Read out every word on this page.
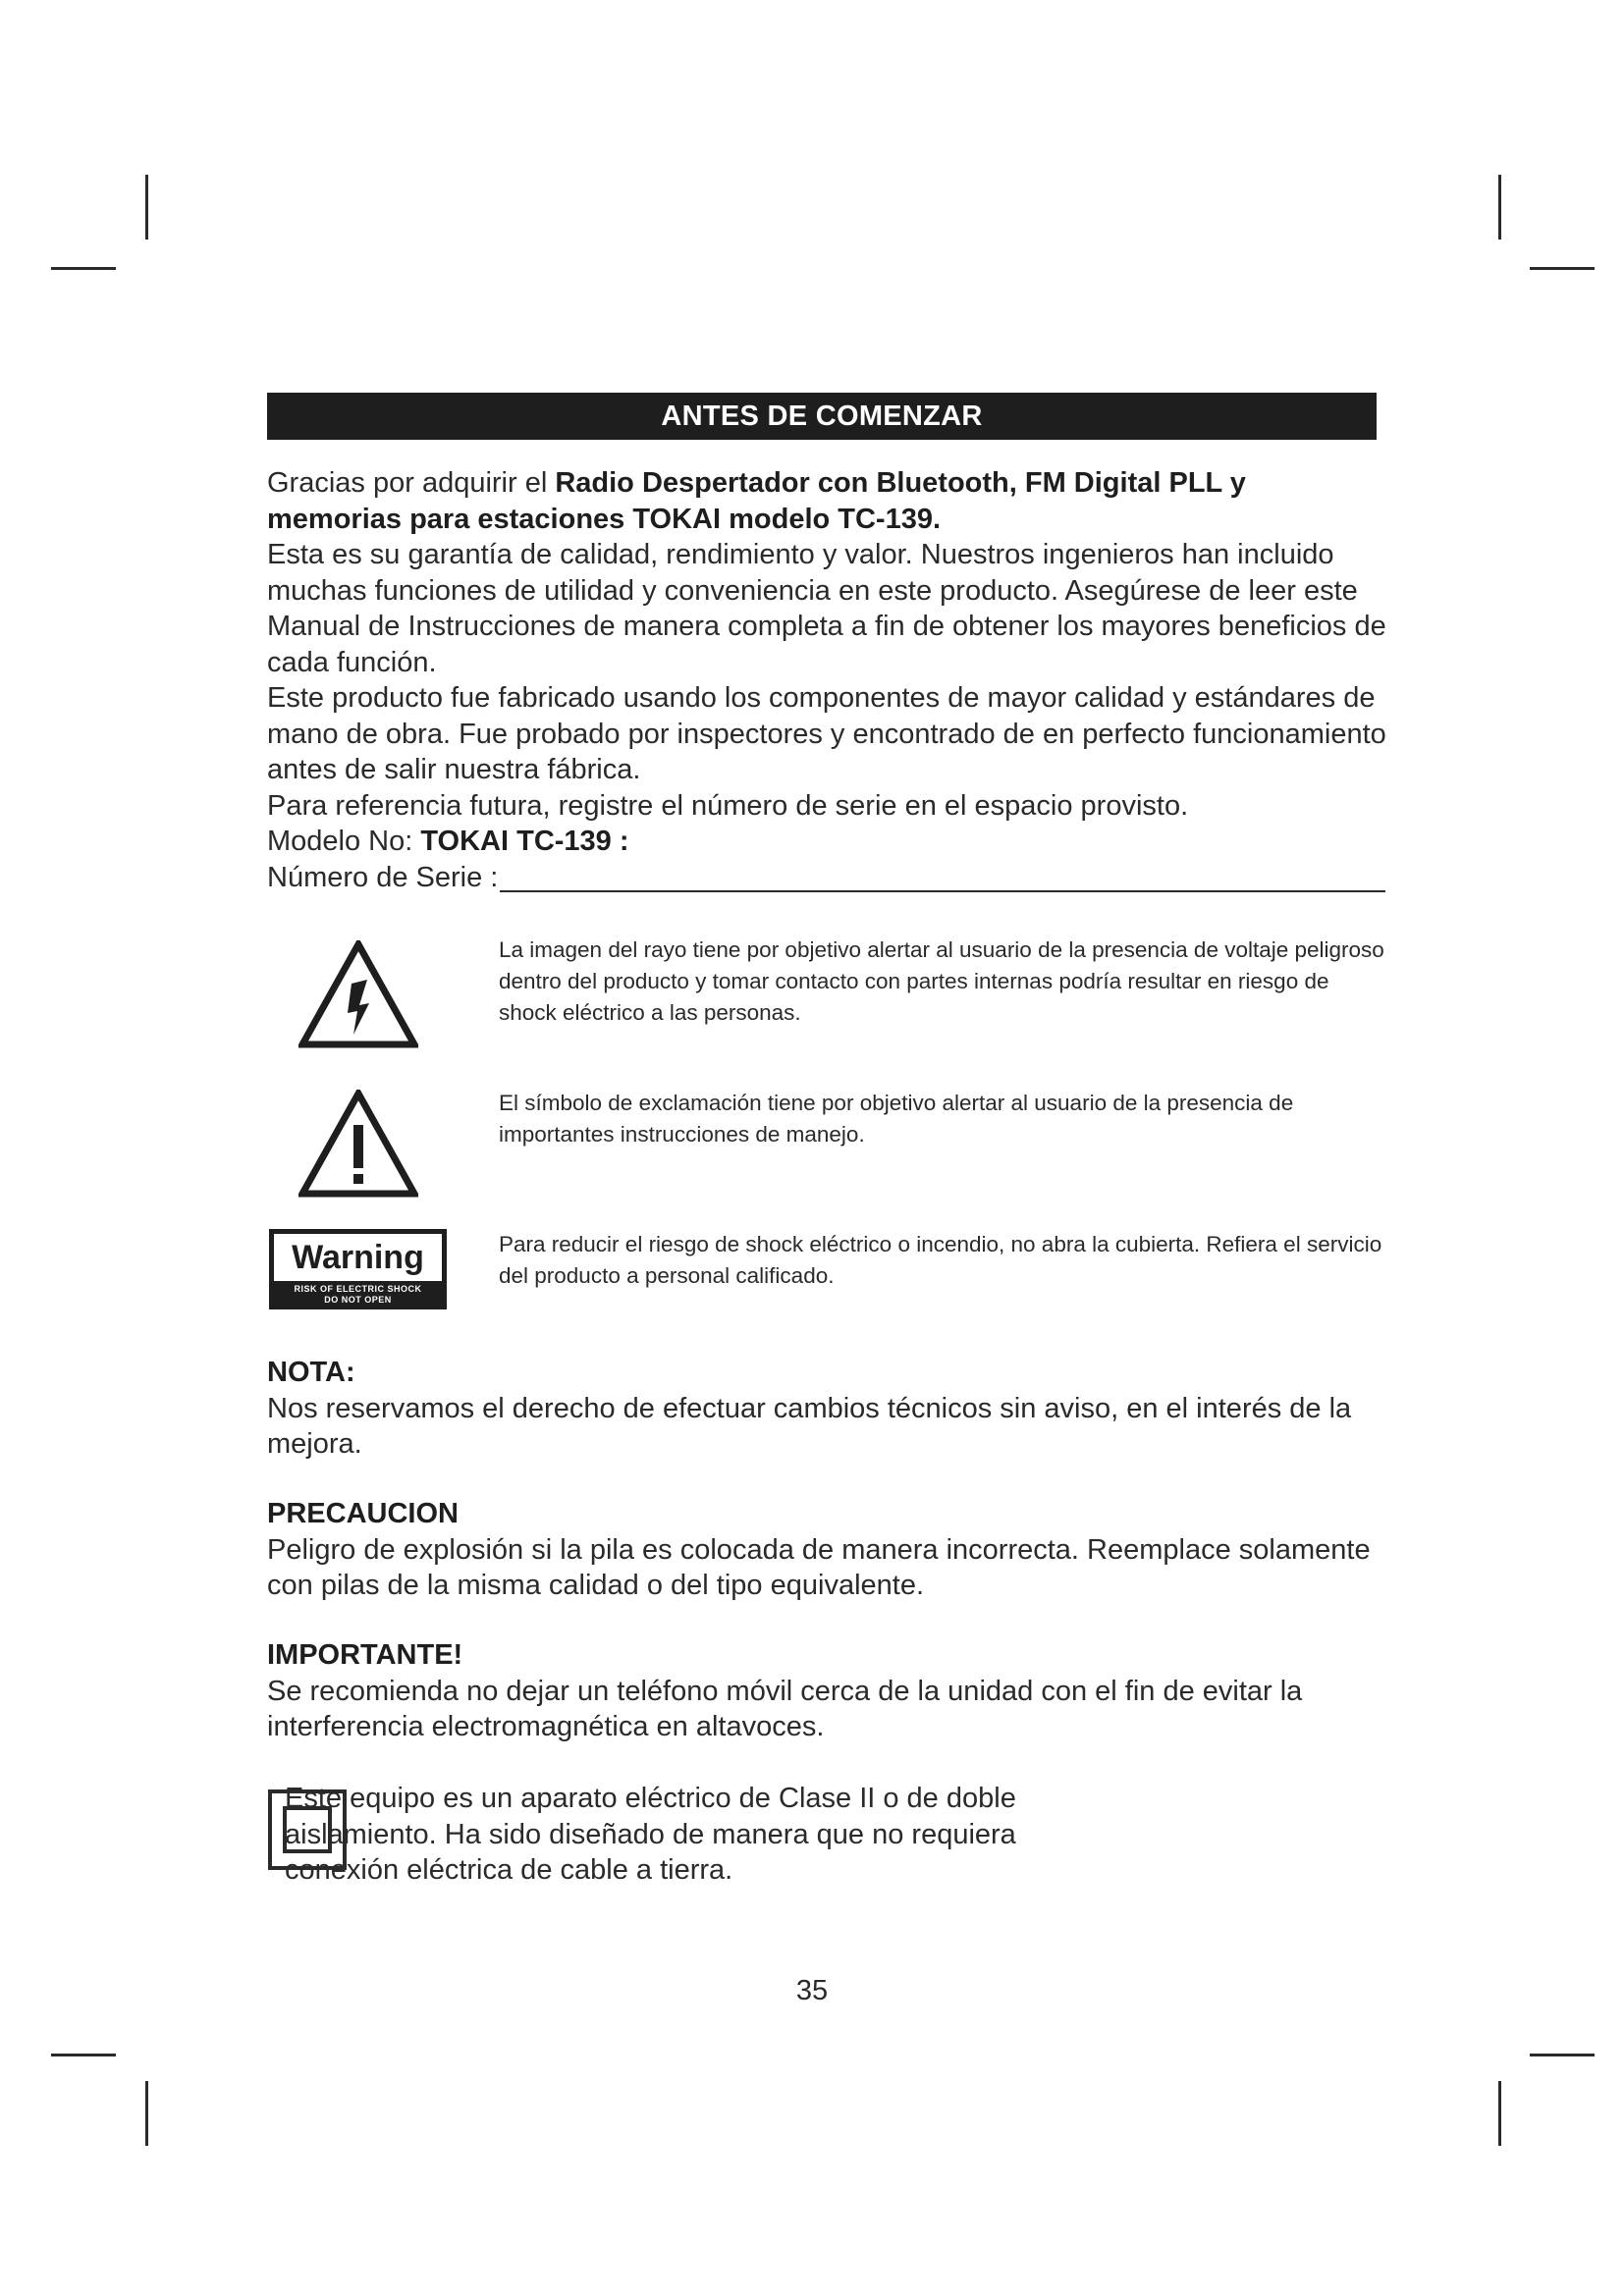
ANTES DE COMENZAR

Gracias por adquirir el Radio Despertador con Bluetooth, FM Digital PLL y memorias para estaciones TOKAI modelo TC-139.

Esta es su garantía de calidad, rendimiento y valor. Nuestros ingenieros han incluido muchas funciones de utilidad y conveniencia en este producto. Asegúrese de leer este Manual de Instrucciones de manera completa a fin de obtener los mayores beneficios de cada función.

Este producto fue fabricado usando los componentes de mayor calidad y estándares de mano de obra. Fue probado por inspectores y encontrado de en perfecto funcionamiento antes de salir nuestra fábrica.

Para referencia futura, registre el número de serie en el espacio provisto.

Modelo No: TOKAI TC-139 :

Número de Serie :

La imagen del rayo tiene por objetivo alertar al usuario de la presencia de voltaje peligroso dentro del producto y tomar contacto con partes internas podría resultar en riesgo de shock eléctrico a las personas.

El símbolo de exclamación tiene por objetivo alertar al usuario de la presencia de importantes instrucciones de manejo.

Warning
RISK OF ELECTRIC SHOCK
DO NOT OPEN

Para reducir el riesgo de shock eléctrico o incendio, no abra la cubierta. Refiera el servicio del producto a personal calificado.

NOTA:

Nos reservamos el derecho de efectuar cambios técnicos sin aviso, en el interés de la mejora.

PRECAUCION

Peligro de explosión si la pila es colocada de manera incorrecta. Reemplace solamente con pilas de la misma calidad o del tipo equivalente.

IMPORTANTE!

Se recomienda no dejar un teléfono móvil cerca de la unidad con el fin de evitar la interferencia electromagnética en altavoces.

Este equipo es un aparato eléctrico de Clase II o de doble aislamiento. Ha sido diseñado de manera que no requiera conexión eléctrica de cable a tierra.

35
